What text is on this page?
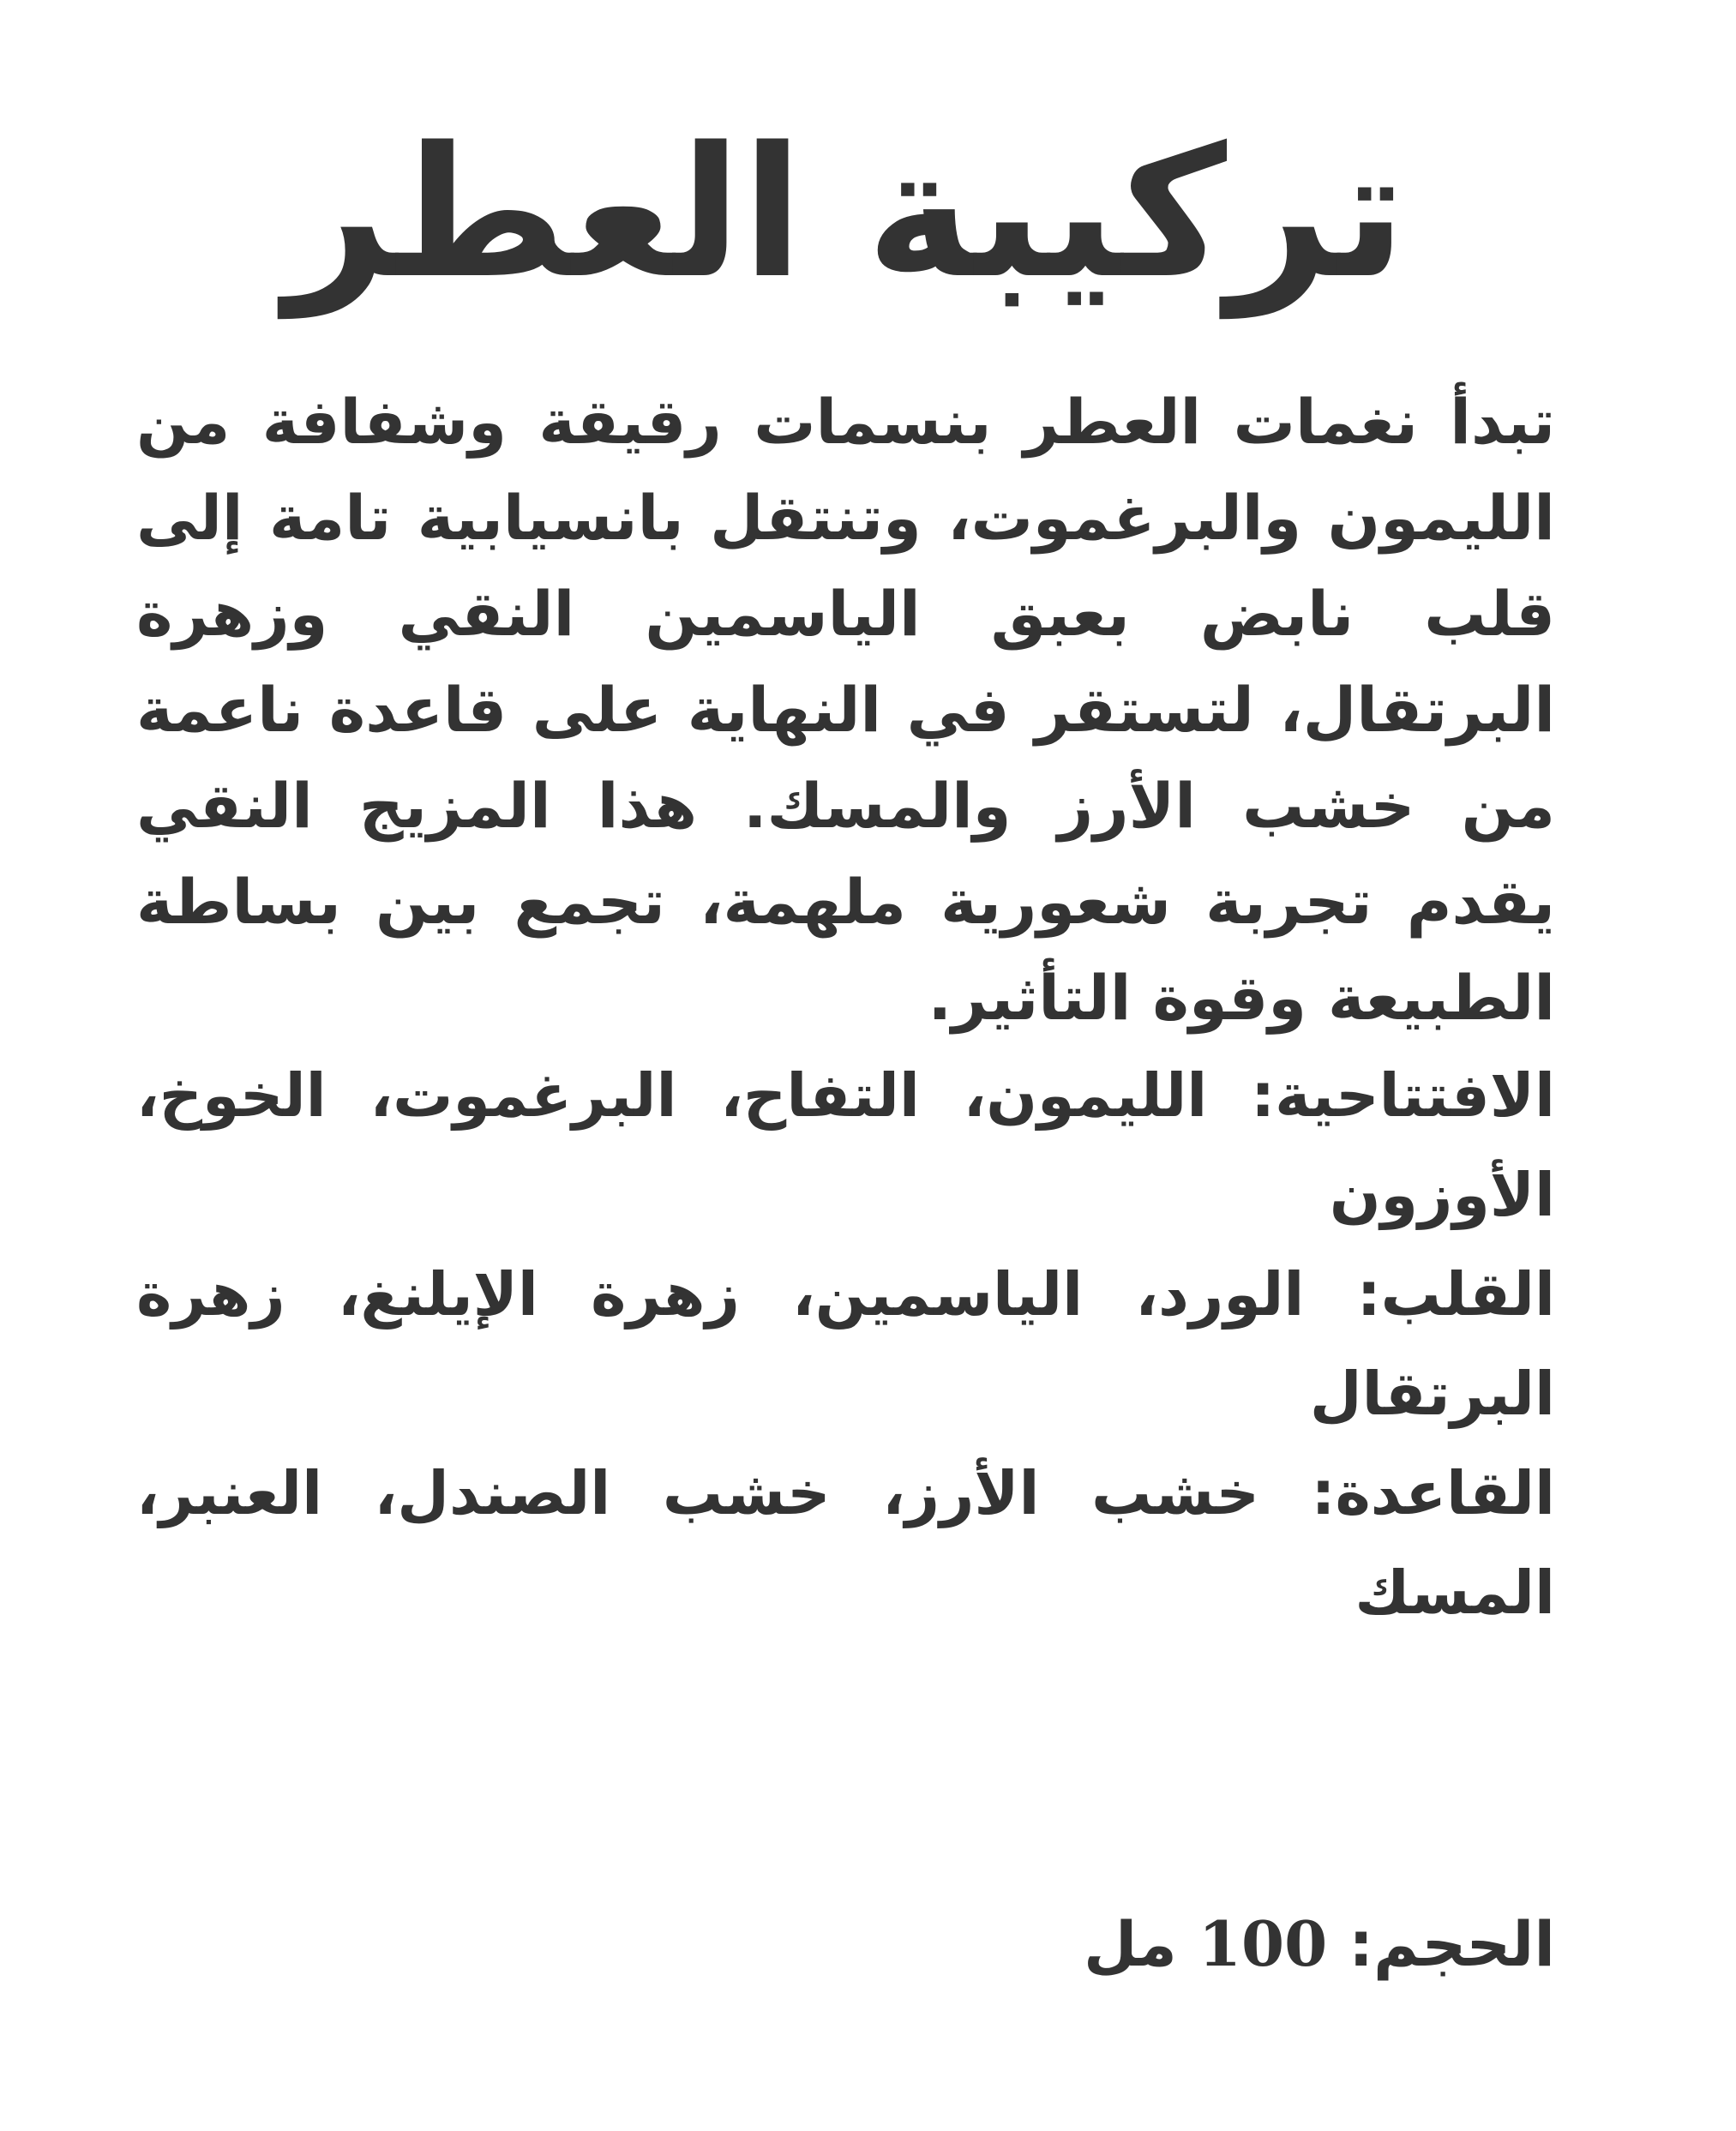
تركيبة العطر

تبدأ نغمات العطر بنسمات رقيقة وشفافة من الليمون والبرغموت، وتنتقل بانسيابية تامة إلى قلب نابض بعبق الياسمين النقي وزهرة البرتقال، لتستقر في النهاية على قاعدة ناعمة من خشب الأرز والمسك. هذا المزيج النقي يقدم تجربة شعورية ملهمة، تجمع بين بساطة الطبيعة وقوة التأثير.

الافتتاحية:الليمون، التفاح، البرغموت، الخوخ، الأوزون
القلب:الورد، الياسمين، زهرة الإيلنغ، زهرة البرتقال
القاعدة:خشب الأرز، خشب الصندل، العنبر، المسك
الحجم: 100 مل
